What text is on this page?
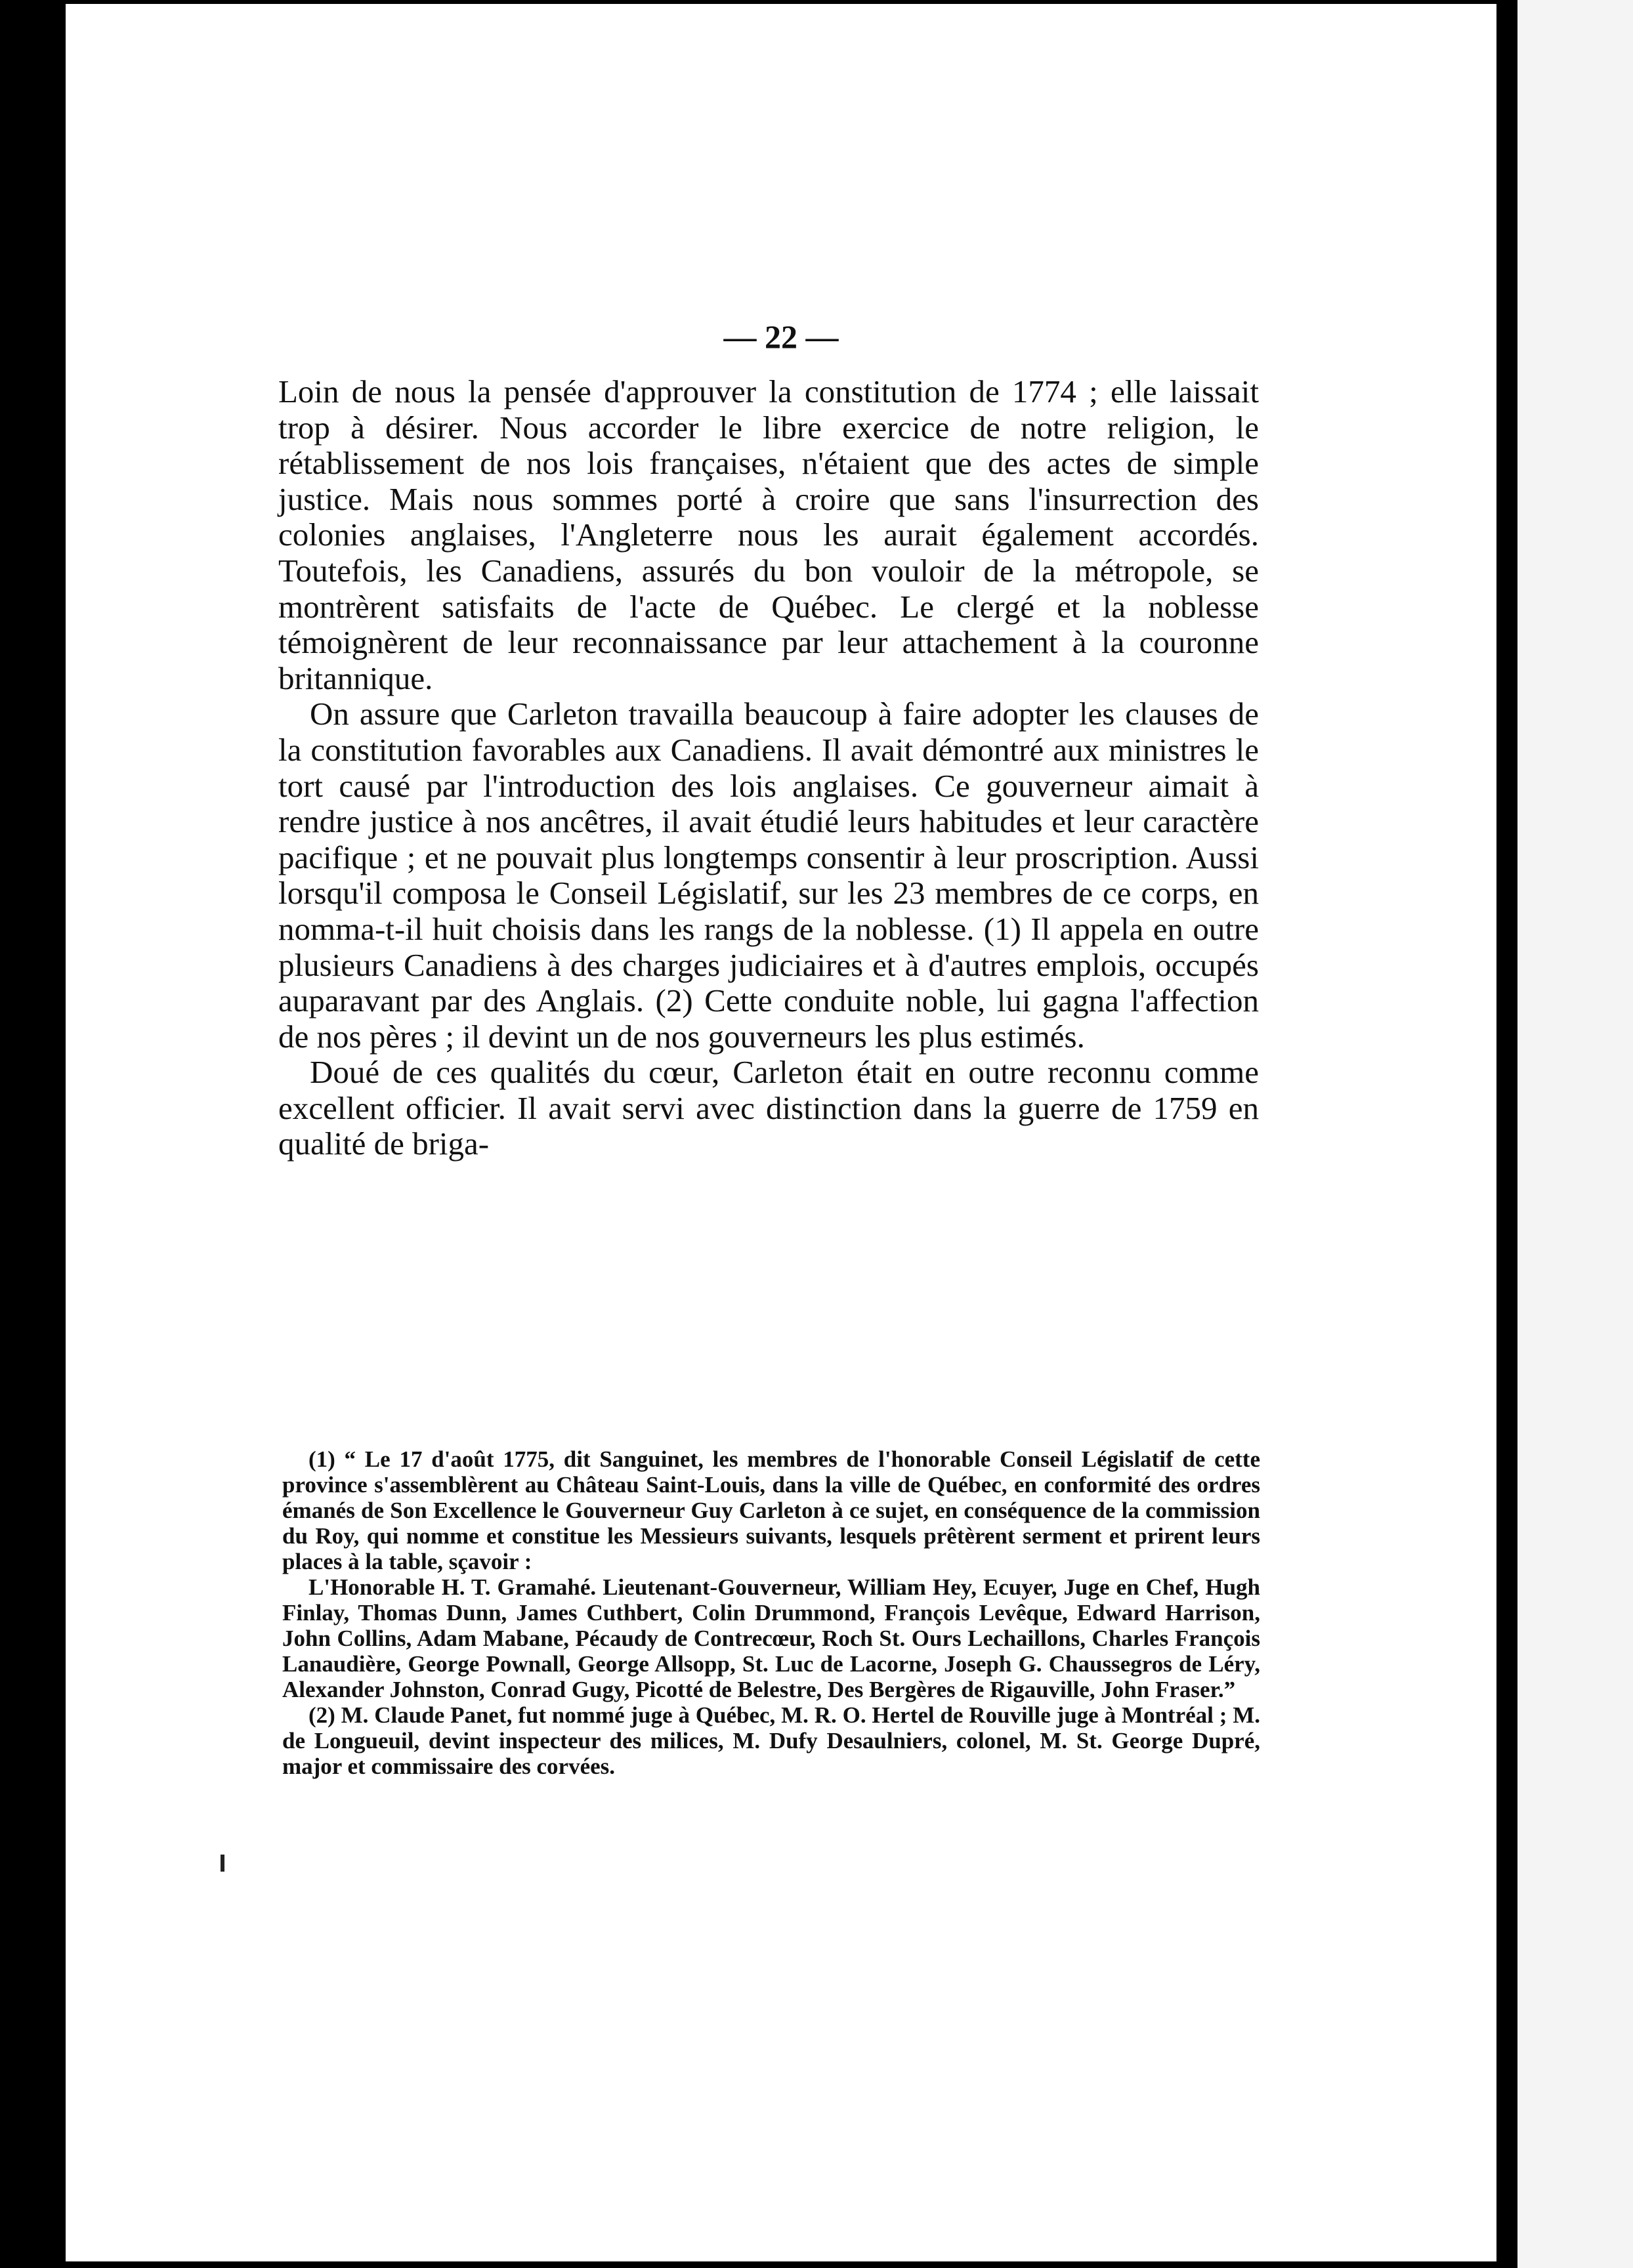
— 22 —

Loin de nous la pensée d'approuver la constitution de 1774 ; elle laissait trop à désirer. Nous accorder le libre exercice de notre religion, le rétablissement de nos lois françaises, n'étaient que des actes de simple justice. Mais nous sommes porté à croire que sans l'insurrection des colonies anglaises, l'Angleterre nous les aurait également accordés. Toutefois, les Canadiens, assurés du bon vouloir de la métropole, se montrèrent satisfaits de l'acte de Québec. Le clergé et la noblesse témoignèrent de leur reconnaissance par leur attachement à la couronne britannique.

On assure que Carleton travailla beaucoup à faire adopter les clauses de la constitution favorables aux Canadiens. Il avait démontré aux ministres le tort causé par l'introduction des lois anglaises. Ce gouverneur aimait à rendre justice à nos ancêtres, il avait étudié leurs habitudes et leur caractère pacifique ; et ne pouvait plus longtemps consentir à leur proscription. Aussi lorsqu'il composa le Conseil Législatif, sur les 23 membres de ce corps, en nomma-t-il huit choisis dans les rangs de la noblesse. (1) Il appela en outre plusieurs Canadiens à des charges judiciaires et à d'autres emplois, occupés auparavant par des Anglais. (2) Cette conduite noble, lui gagna l'affection de nos pères ; il devint un de nos gouverneurs les plus estimés.

Doué de ces qualités du cœur, Carleton était en outre reconnu comme excellent officier. Il avait servi avec distinction dans la guerre de 1759 en qualité de briga-

(1) “ Le 17 d'août 1775, dit Sanguinet, les membres de l'honorable Conseil Législatif de cette province s'assemblèrent au Château Saint-Louis, dans la ville de Québec, en conformité des ordres émanés de Son Excellence le Gouverneur Guy Carleton à ce sujet, en conséquence de la commission du Roy, qui nomme et constitue les Messieurs suivants, lesquels prêtèrent serment et prirent leurs places à la table, sçavoir :

L'Honorable H. T. Gramahé. Lieutenant-Gouverneur, William Hey, Ecuyer, Juge en Chef, Hugh Finlay, Thomas Dunn, James Cuthbert, Colin Drummond, François Levêque, Edward Harrison, John Collins, Adam Mabane, Pécaudy de Contrecœur, Roch St. Ours Lechaillons, Charles François Lanaudière, George Pownall, George Allsopp, St. Luc de Lacorne, Joseph G. Chaussegros de Léry, Alexander Johnston, Conrad Gugy, Picotté de Belestre, Des Bergères de Rigauville, John Fraser.”

(2) M. Claude Panet, fut nommé juge à Québec, M. R. O. Hertel de Rouville juge à Montréal ; M. de Longueuil, devint inspecteur des milices, M. Dufy Desaulniers, colonel, M. St. George Dupré, major et commissaire des corvées.
